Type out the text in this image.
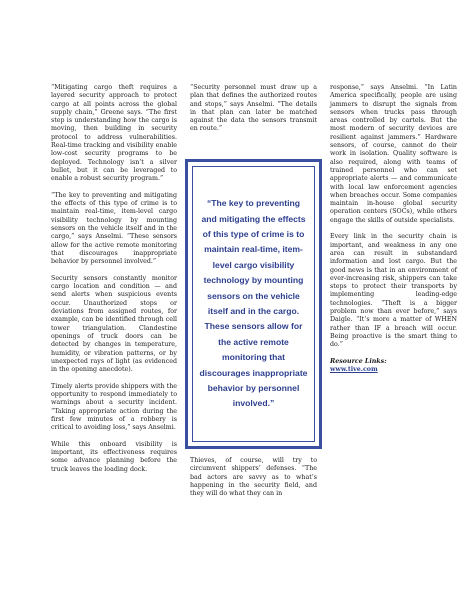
“Mitigating cargo theft requires a layered security approach to protect cargo at all points across the global supply chain,” Greene says. “The first step is understanding how the cargo is moving, then building in security protocol to address vulnerabilities. Real-time tracking and visibility enable low-cost security programs to be deployed. Technology isn’t a silver bullet, but it can be leveraged to enable a robust security program.”

“The key to preventing and mitigating the effects of this type of crime is to maintain real-time, item-level cargo visibility technology by mounting sensors on the vehicle itself and in the cargo,” says Anselmi. “These sensors allow for the active remote monitoring that discourages inappropriate behavior by personnel involved.”

Security sensors constantly monitor cargo location and condition — and send alerts when suspicious events occur. Unauthorized stops or deviations from assigned routes, for example, can be identified through cell tower triangulation. Clandestine openings of truck doors can be detected by changes in temperature, humidity, or vibration patterns, or by unexpected rays of light (as evidenced in the opening anecdote).

Timely alerts provide shippers with the opportunity to respond immediately to warnings about a security incident. “Taking appropriate action during the first few minutes of a robbery is critical to avoiding loss,” says Anselmi.

While this onboard visibility is important, its effectiveness requires some advance planning before the truck leaves the loading dock.

“Security personnel must draw up a plan that defines the authorized routes and stops,” says Anselmi. “The details in that plan can later be matched against the data the sensors transmit en route.”

“The key to preventing and mitigating the effects of this type of crime is to maintain real-time, item-level cargo visibility technology by mounting sensors on the vehicle itself and in the cargo. These sensors allow for the active remote monitoring that discourages inappropriate behavior by personnel involved.”

Thieves, of course, will try to circumvent shippers’ defenses. “The bad actors are savvy as to what’s happening in the security field, and they will do what they can in

response,” says Anselmi. “In Latin America specifically, people are using jammers to disrupt the signals from sensors when trucks pass through areas controlled by cartels. But the most modern of security devices are resilient against jammers.” Hardware sensors, of course, cannot do their work in isolation. Quality software is also required, along with teams of trained personnel who can set appropriate alerts — and communicate with local law enforcement agencies when breaches occur. Some companies maintain in-house global security operation centers (SOCs), while others engage the skills of outside specialists.

Every link in the security chain is important, and weakness in any one area can result in substandard information and lost cargo. But the good news is that in an environment of ever-increasing risk, shippers can take steps to protect their transports by implementing leading-edge technologies. “Theft is a bigger problem now than ever before,” says Daigle. “It’s more a matter of WHEN rather than IF a breach will occur. Being proactive is the smart thing to do.”

Resource Links:
www.tive.com
